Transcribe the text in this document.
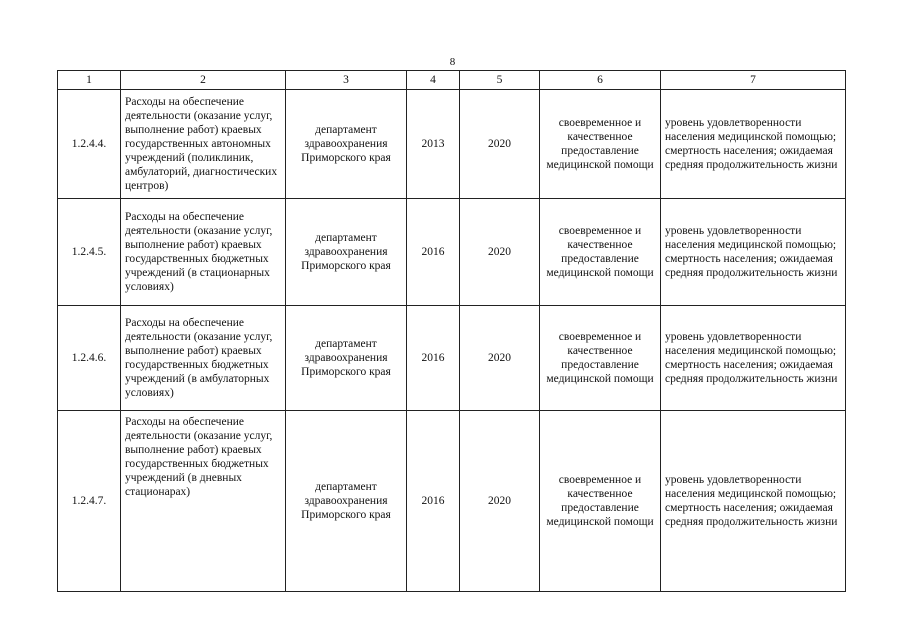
8
1	2	3	4	5	6	7
1.2.4.4.	Расходы на обеспечение деятельности (оказание услуг, выполнение работ) краевых государственных автономных учреждений (поликлиник, амбулаторий, диагностических центров)	департамент здравоохранения Приморского края	2013	2020	своевременное и качественное предоставление медицинской помощи	уровень удовлетворенности населения медицинской помощью; смертность населения; ожидаемая средняя продолжительность жизни
1.2.4.5.	Расходы на обеспечение деятельности (оказание услуг, выполнение работ) краевых государственных бюджетных учреждений (в стационарных условиях)	департамент здравоохранения Приморского края	2016	2020	своевременное и качественное предоставление медицинской помощи	уровень удовлетворенности населения медицинской помощью; смертность населения; ожидаемая средняя продолжительность жизни
1.2.4.6.	Расходы на обеспечение деятельности (оказание услуг, выполнение работ) краевых государственных бюджетных учреждений (в амбулаторных условиях)	департамент здравоохранения Приморского края	2016	2020	своевременное и качественное предоставление медицинской помощи	уровень удовлетворенности населения медицинской помощью; смертность населения; ожидаемая средняя продолжительность жизни
1.2.4.7.	Расходы на обеспечение деятельности (оказание услуг, выполнение работ) краевых государственных бюджетных учреждений (в дневных стационарах)	департамент здравоохранения Приморского края	2016	2020	своевременное и качественное предоставление медицинской помощи	уровень удовлетворенности населения медицинской помощью; смертность населения; ожидаемая средняя продолжительность жизни
